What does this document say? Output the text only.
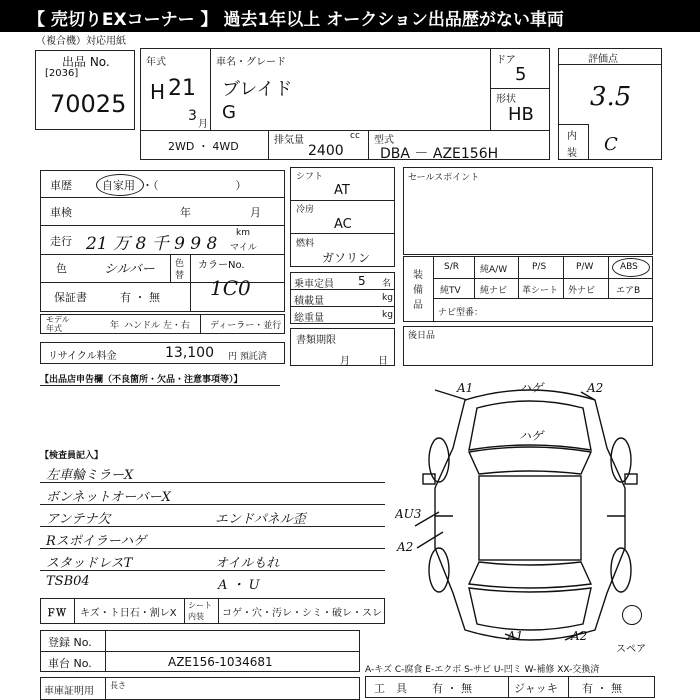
【 売切りEXコーナー 】 過去1年以上 オークション出品歴がない車両
（複合機）対応用紙
出品 No.
[2036]
70025
年式
H 21
3
月
車名・グレード
ブレイド
G
ドア
5
形状
HB
2WD ・ 4WD	排気量	cc
2400
型式
DBA － AZE156H
評価点
3.5
内
装 C
車歴	自家用 ・（　　　　　　　）
車検	年	月
走行 21 万 8 千 9 9 8
km
マイル
色	シルバー 色
替
カラーNo.
保証書	有 ・ 無	1C0
モデル
年式	年 ハンドル 左・右 ディーラー・並行
リサイクル料金	13,100 円 預託済
シフト
AT
冷房
AC
燃料
ガソリン
乗車定員 5 名
積載量	kg
総重量	kg
書類期限
月	日
セールスポイント
装
備
品
S/R 純A/W	P/S	P/W	ABS
純TV 純ナビ 革シート 外ナビ エアB
ナビ型番：
後日品
【出品店申告欄（不良箇所・欠品・注意事項等）】
【検査員記入】
左車輪ミラーX
ボンネットオーバーX
アンテナ欠	エンドパネル歪
Rスポイラーハゲ
スタッドレスT	オイルもれ
TSB04	A ・ U
ＦＷ キズ・ト日石・割レX
シート
内装 コゲ・穴・汚レ・シミ・破レ・スレ
登録 No.
車台 No.	AZE156-1034681
車庫証明用
長さ
A-キズ C-腐食 E-エクボ S-サビ U-凹ミ W-補修 XX-交換済
工　具 有 ・ 無	ジャッキ 有 ・ 無
A1	ハゲ	A2
ハゲ
AU3
A2
A1	A2
スペア
